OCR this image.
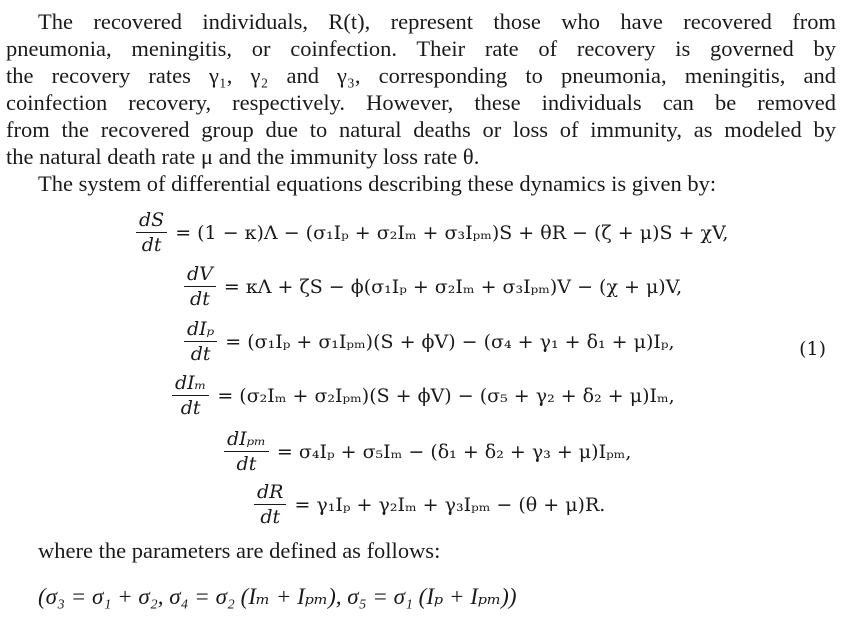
The recovered individuals, R(t), represent those who have recovered from
pneumonia, meningitis, or coinfection. Their rate of recovery is governed by
the recovery rates γ₁, γ₂ and γ₃, corresponding to pneumonia, meningitis, and
coinfection recovery, respectively. However, these individuals can be removed
from the recovered group due to natural deaths or loss of immunity, as modeled by
the natural death rate μ and the immunity loss rate θ.
The system of differential equations describing these dynamics is given by:
$\frac{dS}{dt} = (1 - \kappa)\Lambda - (\sigma_1I_p + \sigma_2I_m + \sigma_3I_{pm})S + \theta R - (\zeta + \mu)S + \chi V$,
$\frac{dV}{dt} = \kappa\Lambda + \zeta S - \phi(\sigma_1I_p + \sigma_2I_m + \sigma_3I_{pm})V - (\chi + \mu)V$,
$\frac{\text{dIₚ}}{dt} = (\sigma_1I_p + \sigma_1I_{pm})(S + \phi V) - (\sigma_4 + \gamma_1 + \delta_1 + \mu)I_p$,
$\frac{\text{dIₘ}}{dt} = (\sigma_2I_m + \sigma_2I_{pm})(S + \phi V) - (\sigma_5 + \gamma_2 + \delta_2 + \mu)I_m$,
$\frac{\text{dIₚₘ}}{dt} = \sigma_4I_p + \sigma_5I_m - (\delta_1 + \delta_2 + \gamma_3 + \mu)I_{pm}$,
$\frac{dR}{dt} = \gamma_1I_p + \gamma_2I_m + \gamma_3I_{pm} - (\theta + \mu)R$.
(1)
where the parameters are defined as follows:
(σ₃ = σ₁ + σ₂, σ₄ = σ₂ (Iₘ + Iₚₘ), σ₅ = σ₁ (Iₚ + Iₚₘ))
